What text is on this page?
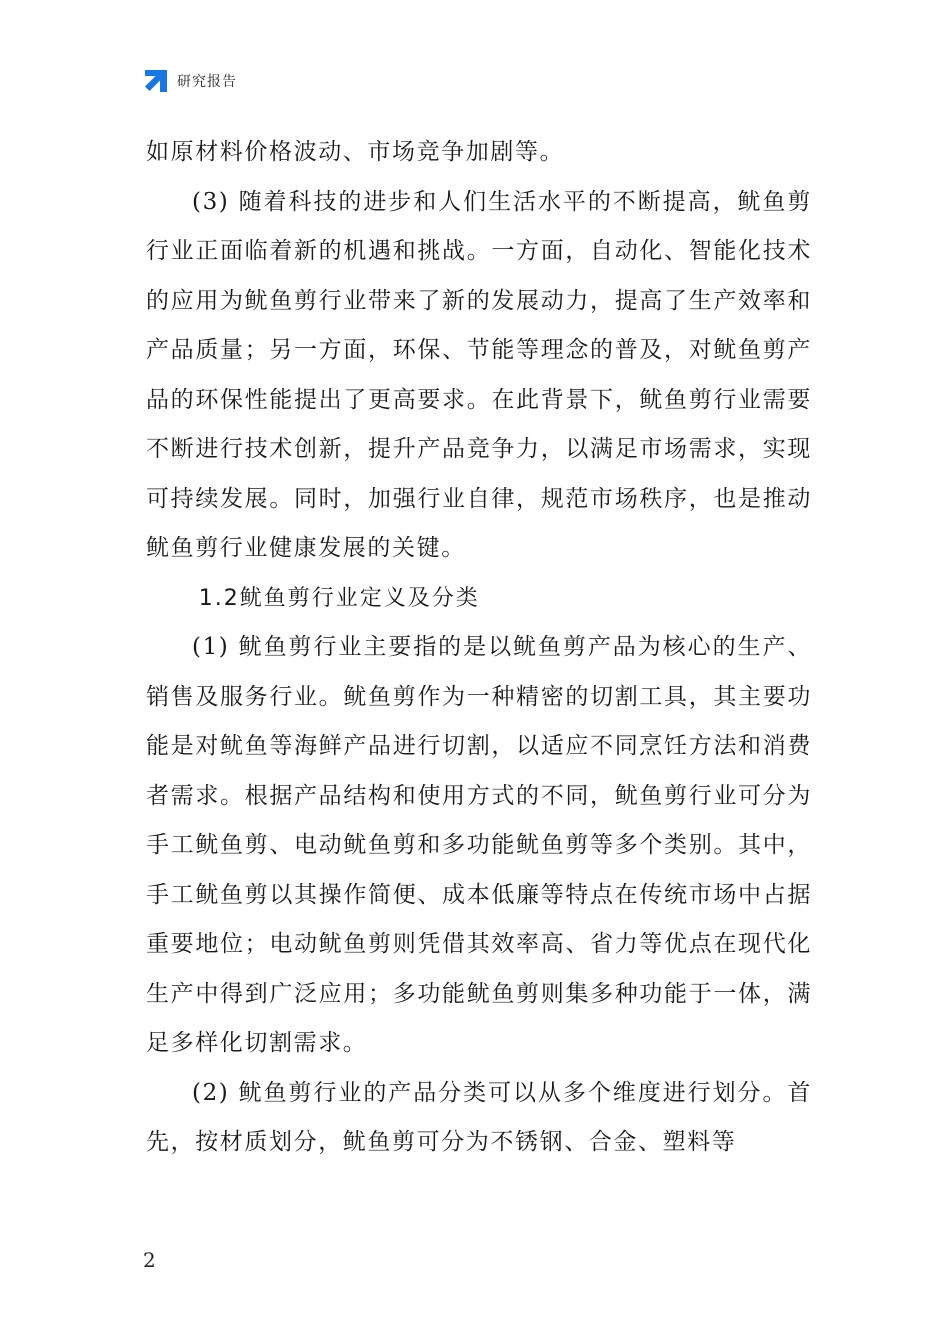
研究报告

如原材料价格波动、市场竞争加剧等。

(3) 随着科技的进步和人们生活水平的不断提高，鱿鱼剪行业正面临着新的机遇和挑战。一方面，自动化、智能化技术的应用为鱿鱼剪行业带来了新的发展动力，提高了生产效率和产品质量；另一方面，环保、节能等理念的普及，对鱿鱼剪产品的环保性能提出了更高要求。在此背景下，鱿鱼剪行业需要不断进行技术创新，提升产品竞争力，以满足市场需求，实现可持续发展。同时，加强行业自律，规范市场秩序，也是推动鱿鱼剪行业健康发展的关键。

1.2鱿鱼剪行业定义及分类

(1) 鱿鱼剪行业主要指的是以鱿鱼剪产品为核心的生产、销售及服务行业。鱿鱼剪作为一种精密的切割工具，其主要功能是对鱿鱼等海鲜产品进行切割，以适应不同烹饪方法和消费者需求。根据产品结构和使用方式的不同，鱿鱼剪行业可分为手工鱿鱼剪、电动鱿鱼剪和多功能鱿鱼剪等多个类别。其中，手工鱿鱼剪以其操作简便、成本低廉等特点在传统市场中占据重要地位；电动鱿鱼剪则凭借其效率高、省力等优点在现代化生产中得到广泛应用；多功能鱿鱼剪则集多种功能于一体，满足多样化切割需求。

(2) 鱿鱼剪行业的产品分类可以从多个维度进行划分。首先，按材质划分，鱿鱼剪可分为不锈钢、合金、塑料等

2
